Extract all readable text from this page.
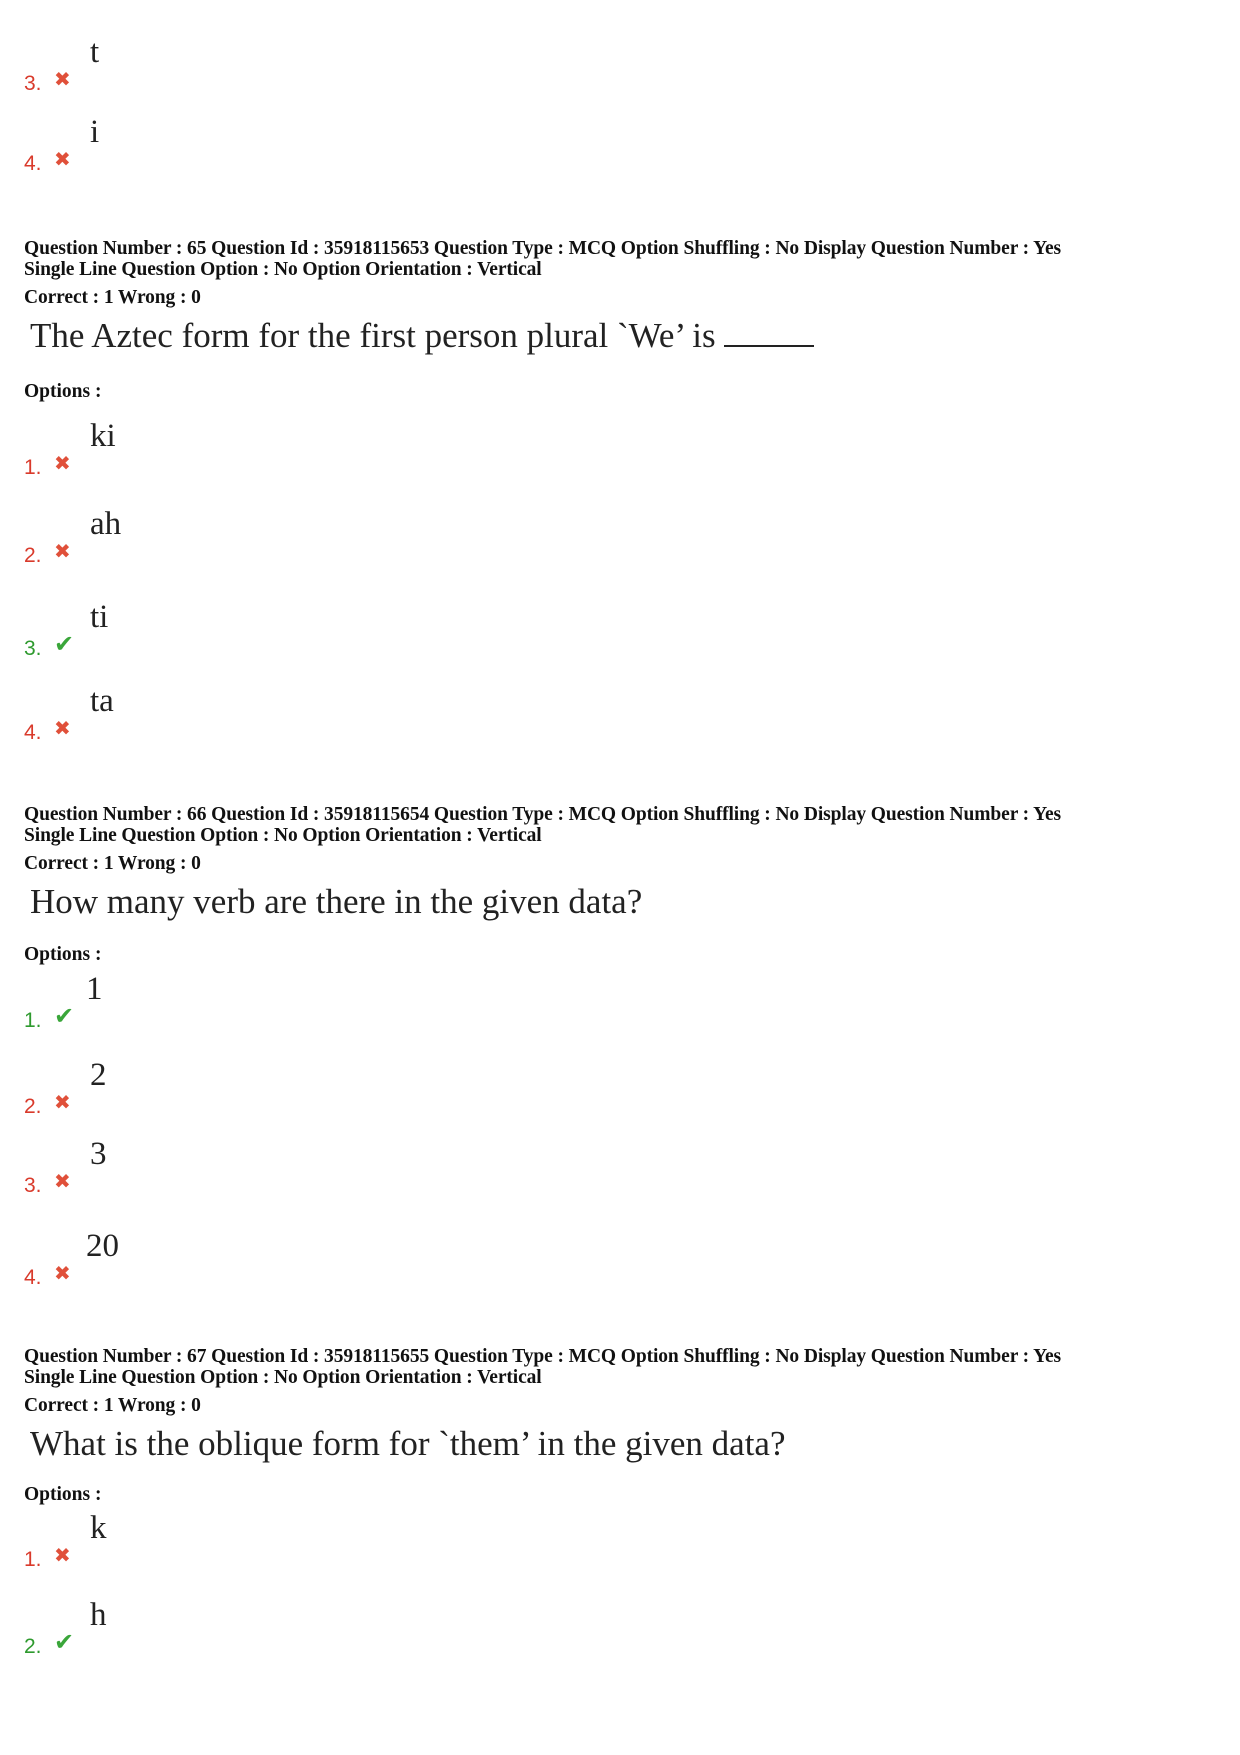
3. ✖
t
4. ✖
i
Question Number : 65 Question Id : 35918115653 Question Type : MCQ Option Shuffling : No Display Question Number : Yes
Single Line Question Option : No Option Orientation : Vertical
Correct : 1 Wrong : 0
The Aztec form for the first person plural `We’ is
Options :
1. ✖
ki
2. ✖
ah
3. ✔
ti
4. ✖
ta
Question Number : 66 Question Id : 35918115654 Question Type : MCQ Option Shuffling : No Display Question Number : Yes
Single Line Question Option : No Option Orientation : Vertical
Correct : 1 Wrong : 0
How many verb are there in the given data?
Options :
1. ✔
1
2. ✖
2
3. ✖
3
4. ✖
20
Question Number : 67 Question Id : 35918115655 Question Type : MCQ Option Shuffling : No Display Question Number : Yes
Single Line Question Option : No Option Orientation : Vertical
Correct : 1 Wrong : 0
What is the oblique form for `them’ in the given data?
Options :
1. ✖
k
2. ✔
h
